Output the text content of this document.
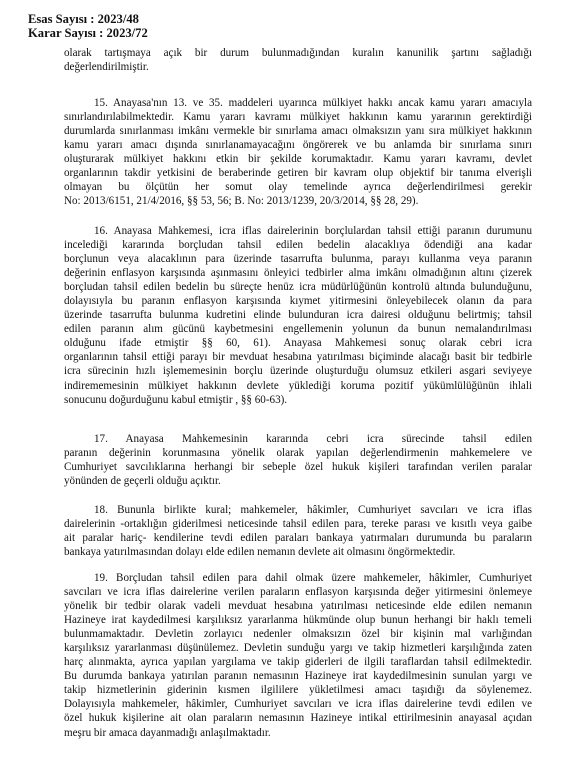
Esas Sayısı : 2023/48
Karar Sayısı : 2023/72
olarak tartışmaya açık bir durum bulunmadığından kuralın kanunilik şartını sağladığı
değerlendirilmiştir.
15. Anayasa'nın 13. ve 35. maddeleri uyarınca mülkiyet hakkı ancak kamu yararı amacıyla
sınırlandırılabilmektedir. Kamu yararı kavramı mülkiyet hakkının kamu yararının gerektirdiği
durumlarda sınırlanması imkânı vermekle bir sınırlama amacı olmaksızın yanı sıra mülkiyet hakkının
kamu yararı amacı dışında sınırlanamayacağını öngörerek ve bu anlamda bir sınırlama sınırı
oluşturarak mülkiyet hakkını etkin bir şekilde korumaktadır. Kamu yararı kavramı, devlet
organlarının takdir yetkisini de beraberinde getiren bir kavram olup objektif bir tanıma elverişli
olmayan bu ölçütün her somut olay temelinde ayrıca değerlendirilmesi gerekir
No: 2013/6151, 21/4/2016, §§ 53, 56; B. No: 2013/1239, 20/3/2014, §§ 28, 29).
16. Anayasa Mahkemesi, icra iflas dairelerinin borçlulardan tahsil ettiği paranın durumunu
incelediği kararında borçludan tahsil edilen bedelin alacaklıya ödendiği ana kadar
borçlunun veya alacaklının para üzerinde tasarrufta bulunma, parayı kullanma veya paranın
değerinin enflasyon karşısında aşınmasını önleyici tedbirler alma imkânı olmadığının altını çizerek
borçludan tahsil edilen bedelin bu süreçte henüz icra müdürlüğünün kontrolü altında bulunduğunu,
dolayısıyla bu paranın enflasyon karşısında kıymet yitirmesini önleyebilecek olanın da para
üzerinde tasarrufta bulunma kudretini elinde bulunduran icra dairesi olduğunu belirtmiş; tahsil
edilen paranın alım gücünü kaybetmesini engellemenin yolunun da bunun nemalandırılması
olduğunu ifade etmiştir §§ 60, 61). Anayasa Mahkemesi sonuç olarak cebri icra
organlarının tahsil ettiği parayı bir mevduat hesabına yatırılması biçiminde alacağı basit bir tedbirle
icra sürecinin hızlı işlememesinin borçlu üzerinde oluşturduğu olumsuz etkileri asgari seviyeye
indirememesinin mülkiyet hakkının devlete yüklediği koruma pozitif yükümlülüğünün ihlali
sonucunu doğurduğunu kabul etmiştir , §§ 60-63).
17. Anayasa Mahkemesinin kararında cebri icra sürecinde tahsil edilen
paranın değerinin korunmasına yönelik olarak yapılan değerlendirmenin mahkemelere ve
Cumhuriyet savcılıklarına herhangi bir sebeple özel hukuk kişileri tarafından verilen paralar
yönünden de geçerli olduğu açıktır.
18. Bununla birlikte kural; mahkemeler, hâkimler, Cumhuriyet savcıları ve icra iflas
dairelerinin -ortaklığın giderilmesi neticesinde tahsil edilen para, tereke parası ve kısıtlı veya gaibe
ait paralar hariç- kendilerine tevdi edilen paraları bankaya yatırmaları durumunda bu paraların
bankaya yatırılmasından dolayı elde edilen nemanın devlete ait olmasını öngörmektedir.
19. Borçludan tahsil edilen para dahil olmak üzere mahkemeler, hâkimler, Cumhuriyet
savcıları ve icra iflas dairelerine verilen paraların enflasyon karşısında değer yitirmesini önlemeye
yönelik bir tedbir olarak vadeli mevduat hesabına yatırılması neticesinde elde edilen nemanın
Hazineye irat kaydedilmesi karşılıksız yararlanma hükmünde olup bunun herhangi bir haklı temeli
bulunmamaktadır. Devletin zorlayıcı nedenler olmaksızın özel bir kişinin mal varlığından
karşılıksız yararlanması düşünülemez. Devletin sunduğu yargı ve takip hizmetleri karşılığında zaten
harç alınmakta, ayrıca yapılan yargılama ve takip giderleri de ilgili taraflardan tahsil edilmektedir.
Bu durumda bankaya yatırılan paranın nemasının Hazineye irat kaydedilmesinin sunulan yargı ve
takip hizmetlerinin giderinin kısmen ilgililere yükletilmesi amacı taşıdığı da söylenemez.
Dolayısıyla mahkemeler, hâkimler, Cumhuriyet savcıları ve icra iflas dairelerine tevdi edilen ve
özel hukuk kişilerine ait olan paraların nemasının Hazineye intikal ettirilmesinin anayasal açıdan
meşru bir amaca dayanmadığı anlaşılmaktadır.
